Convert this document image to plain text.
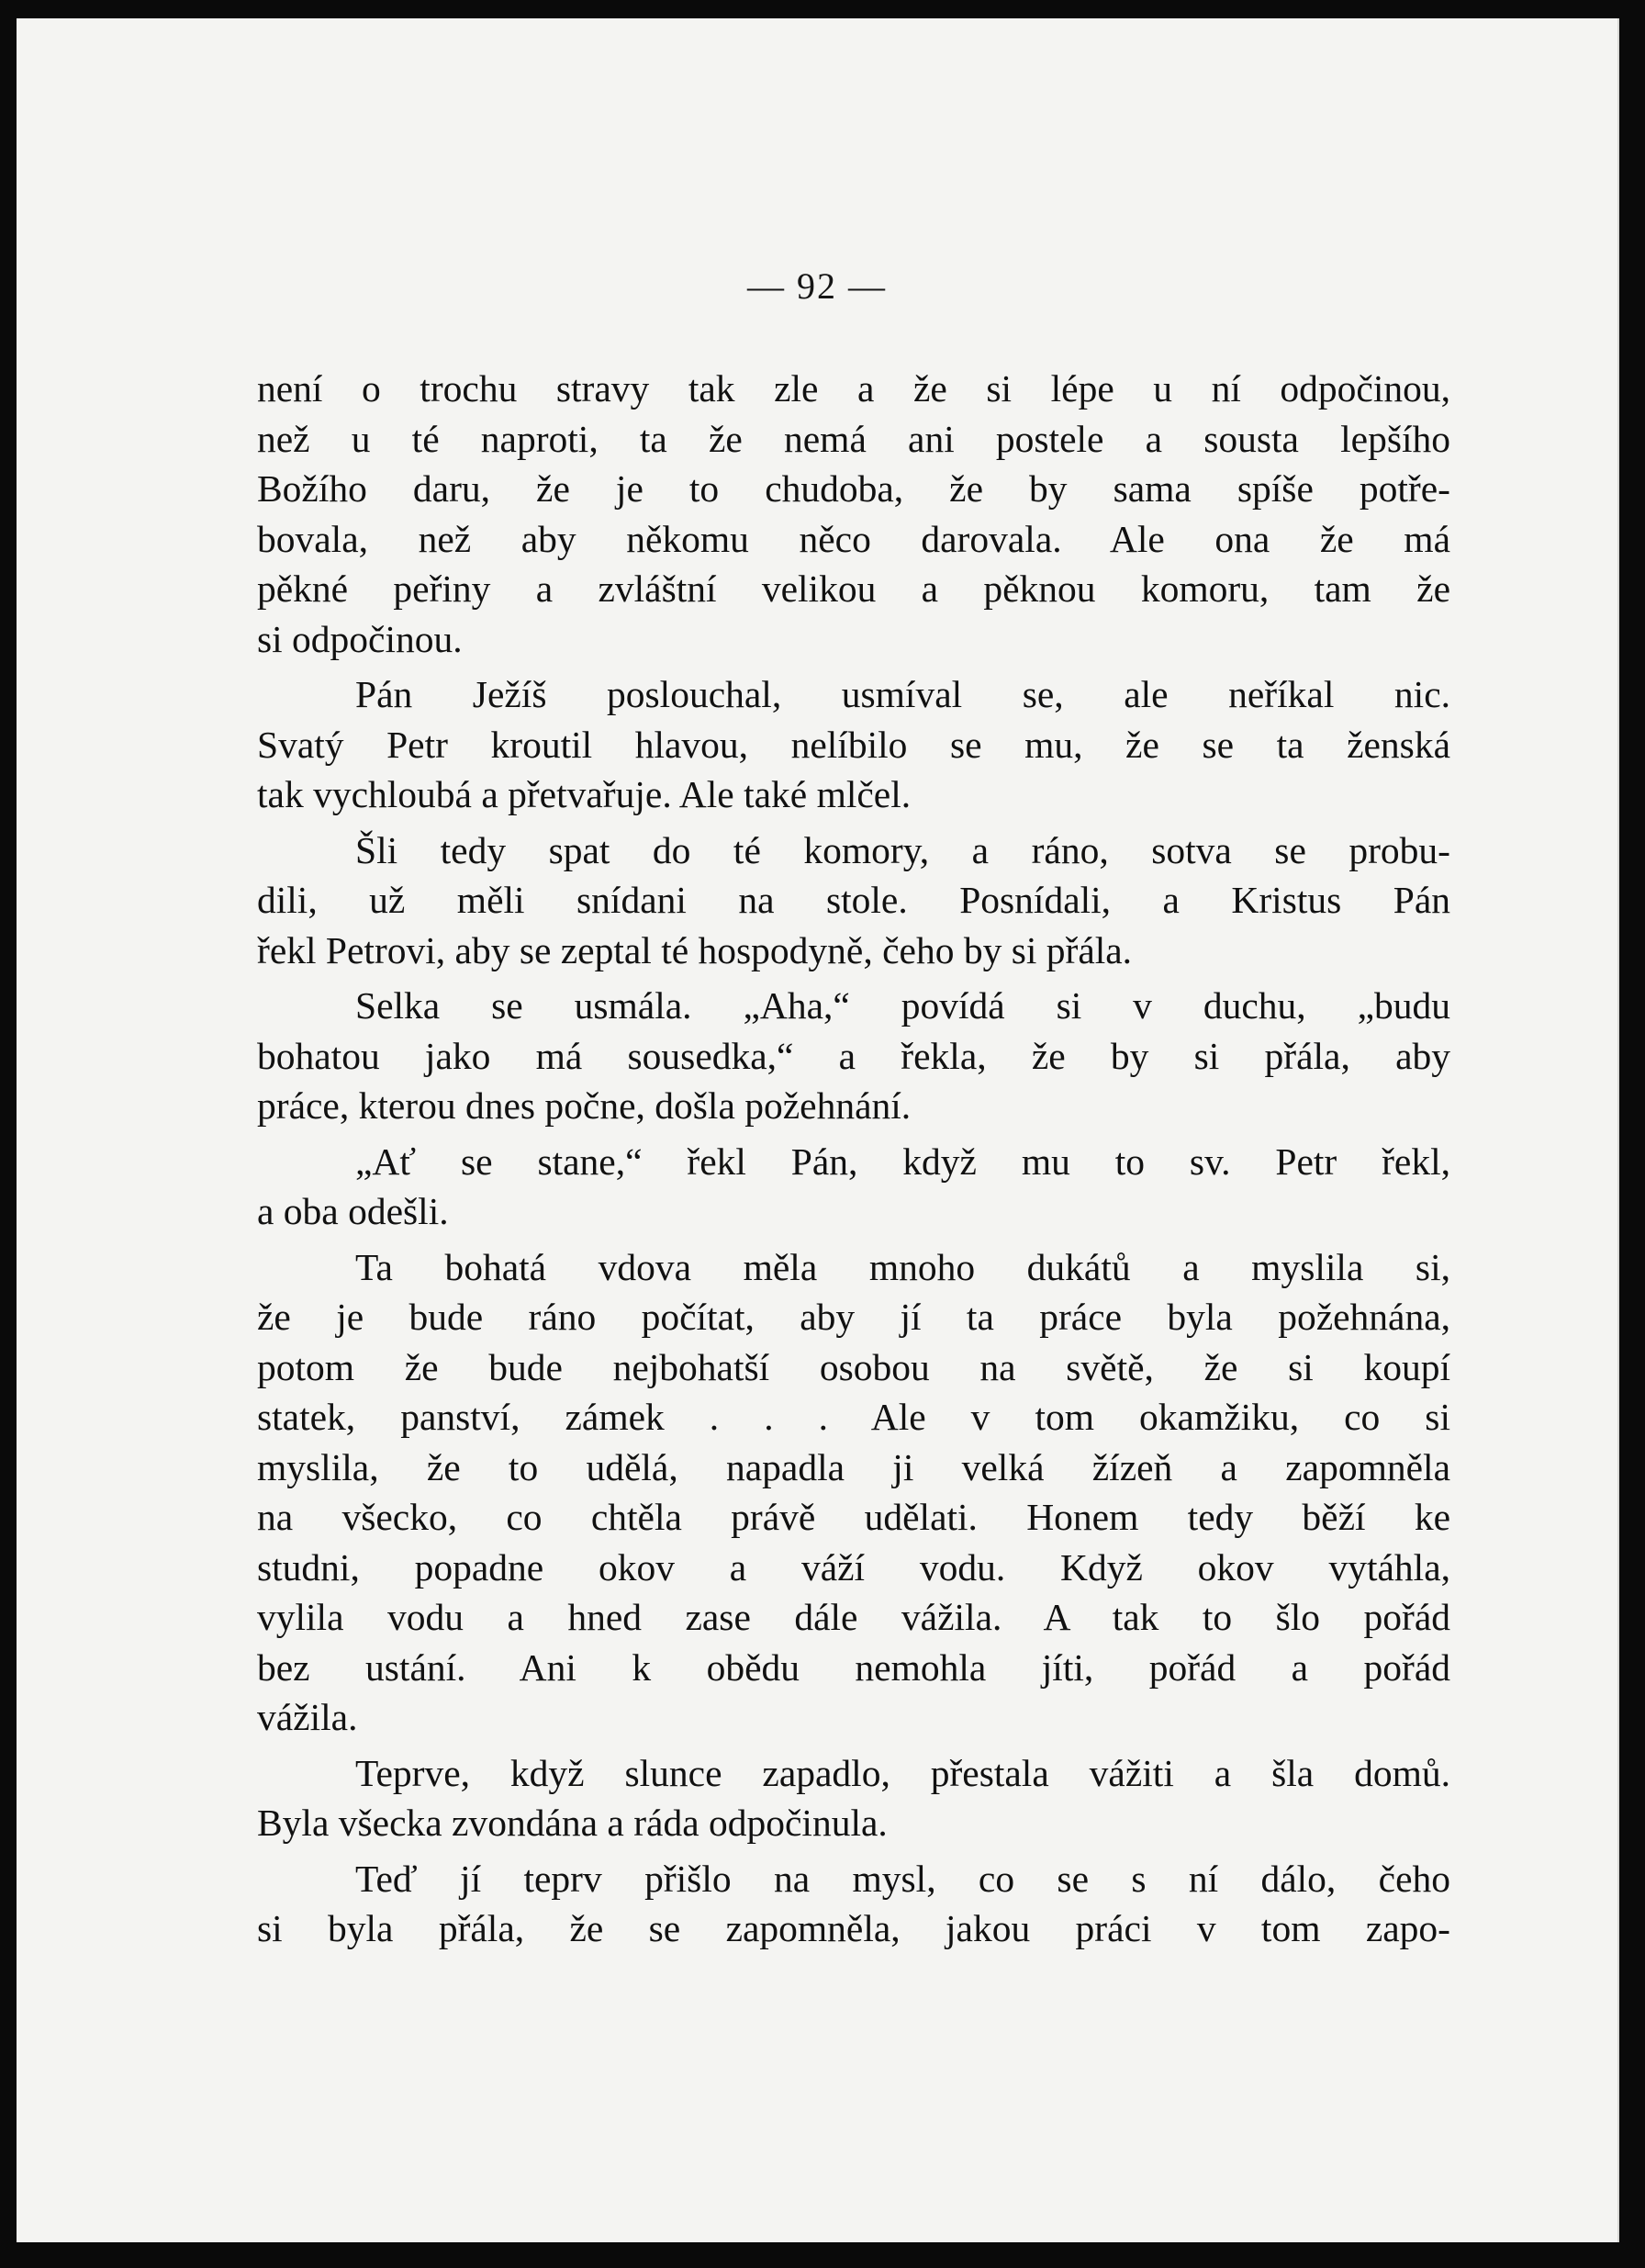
— 92 —
není o trochu stravy tak zle a že si lépe u ní odpočinou,
než u té naproti, ta že nemá ani postele a sousta lepšího
Božího daru, že je to chudoba, že by sama spíše potře-
bovala, než aby někomu něco darovala. Ale ona že má
pěkné peřiny a zvláštní velikou a pěknou komoru, tam že
si odpočinou.
Pán Ježíš poslouchal, usmíval se, ale neříkal nic.
Svatý Petr kroutil hlavou, nelíbilo se mu, že se ta ženská
tak vychloubá a přetvařuje. Ale také mlčel.
Šli tedy spat do té komory, a ráno, sotva se probu-
dili, už měli snídani na stole. Posnídali, a Kristus Pán
řekl Petrovi, aby se zeptal té hospodyně, čeho by si přála.
Selka se usmála. „Aha,“ povídá si v duchu, „budu
bohatou jako má sousedka,“ a řekla, že by si přála, aby
práce, kterou dnes počne, došla požehnání.
„Ať se stane,“ řekl Pán, když mu to sv. Petr řekl,
a oba odešli.
Ta bohatá vdova měla mnoho dukátů a myslila si,
že je bude ráno počítat, aby jí ta práce byla požehnána,
potom že bude nejbohatší osobou na světě, že si koupí
statek, panství, zámek . . . Ale v tom okamžiku, co si
myslila, že to udělá, napadla ji velká žízeň a zapomněla
na všecko, co chtěla právě udělati. Honem tedy běží ke
studni, popadne okov a váží vodu. Když okov vytáhla,
vylila vodu a hned zase dále vážila. A tak to šlo pořád
bez ustání. Ani k obědu nemohla jíti, pořád a pořád
vážila.
Teprve, když slunce zapadlo, přestala vážiti a šla domů.
Byla všecka zvondána a ráda odpočinula.
Teď jí teprv přišlo na mysl, co se s ní dálo, čeho
si byla přála, že se zapomněla, jakou práci v tom zapo-
